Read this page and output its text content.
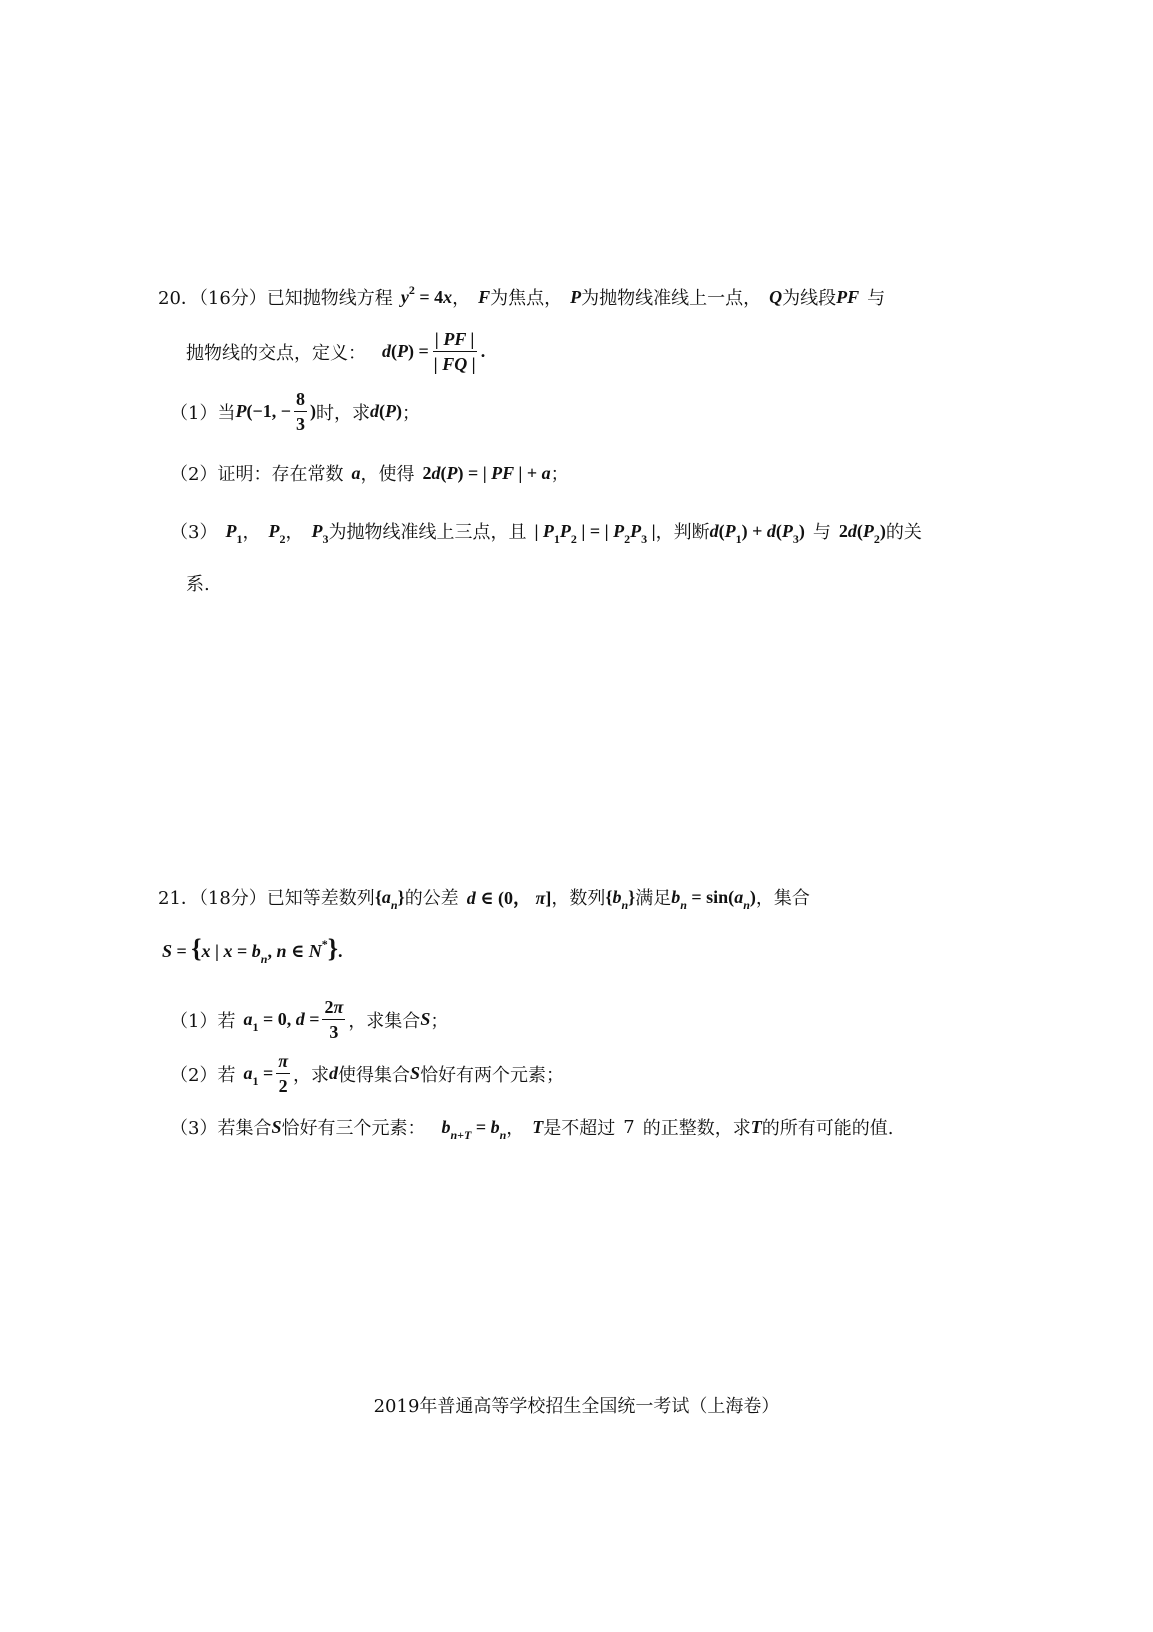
20．（16分）已知抛物线方程 $y^2 = 4x$ ， F 为焦点， P 为抛物线准线上一点， Q 为线段 PF 与
抛物线的交点，定义： $d(P) = \frac{| PF |}{| FQ |}$ .
（1）当 P(−1, − $\frac{8}{3}$ ) 时，求 d(P) ；
（2）证明：存在常数 a ，使得 2d(P) = | PF | + a ；
（3） $P_1$ ， $P_2$ ， $P_3$ 为抛物线准线上三点，且 | $P_1P_2$ | = | $P_2P_3$ | ，判断 $d(P_1) + d(P_3)$ 与 $2d(P_2)$ 的关
系.
21．（18分）已知等差数列 $\{a_n\}$ 的公差 d ∈ (0， π] ，数列 $\{b_n\}$ 满足 $b_n = \sin(a_n)$ ，集合
S = {x | $x = b_n$, n ∈ N*}.
（1）若 $a_1 = 0$, $d = \frac{2\pi}{3}$ ，求集合 S ；
（2）若 $a_1 = \frac{\pi}{2}$ ，求 d 使得集合 S 恰好有两个元素；
（3）若集合 S 恰好有三个元素： $b_{n+T} = b_n$ ， T 是不超过 7 的正整数，求 T 的所有可能的值.
2019年普通高等学校招生全国统一考试（上海卷）
